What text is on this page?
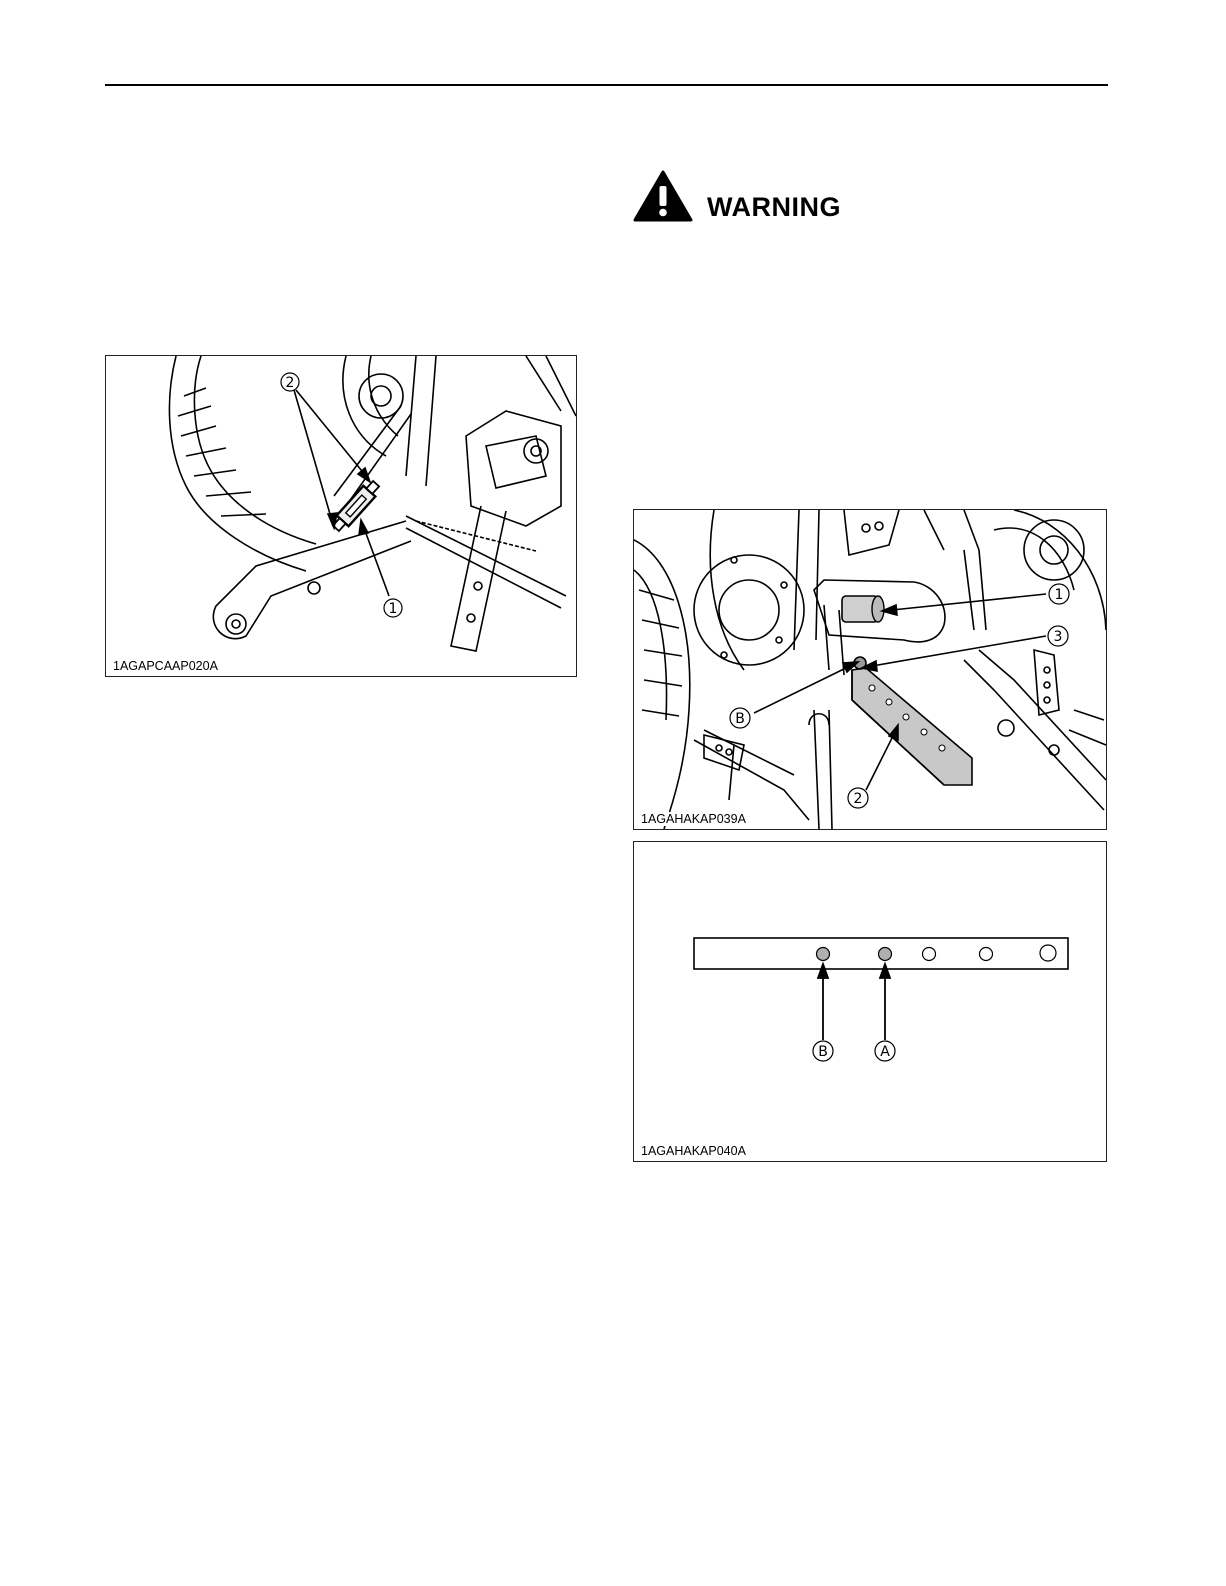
WARNING
2
1
1AGAPCAAP020A
1
3
B
2
1AGAHAKAP039A
B	A
1AGAHAKAP040A
